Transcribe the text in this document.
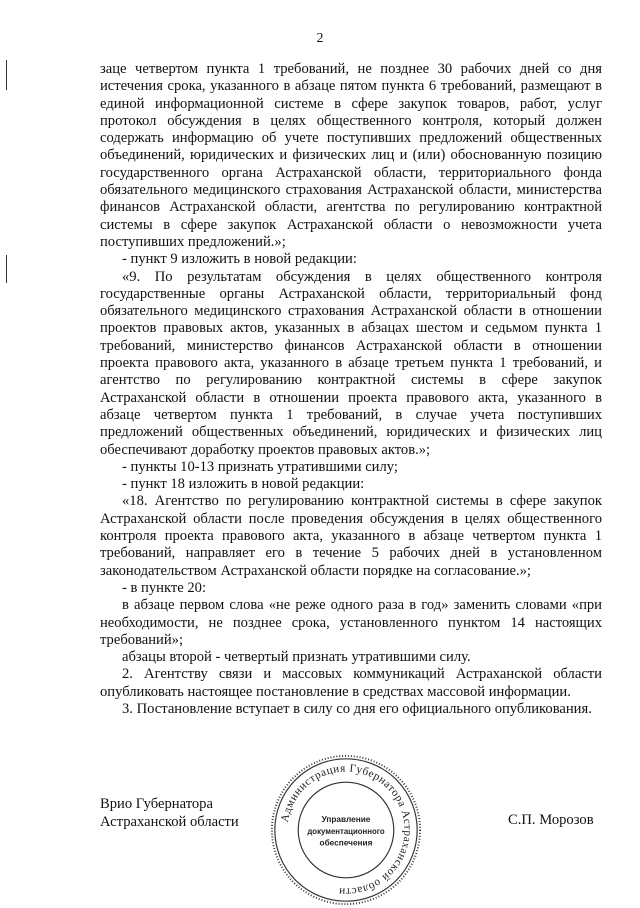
2

заце четвертом пункта 1 требований, не позднее 30 рабочих дней со дня истечения срока, указанного в абзаце пятом пункта 6 требований, размещают в единой информационной системе в сфере закупок товаров, работ, услуг протокол обсуждения в целях общественного контроля, который должен содержать информацию об учете поступивших предложений общественных объединений, юридических и физических лиц и (или) обоснованную позицию государственного органа Астраханской области, территориального фонда обязательного медицинского страхования Астраханской области, министерства финансов Астраханской области, агентства по регулированию контрактной системы в сфере закупок Астраханской области о невозможности учета поступивших предложений.»;

- пункт 9 изложить в новой редакции:

«9. По результатам обсуждения в целях общественного контроля государственные органы Астраханской области, территориальный фонд обязательного медицинского страхования Астраханской области в отношении проектов правовых актов, указанных в абзацах шестом и седьмом пункта 1 требований, министерство финансов Астраханской области в отношении проекта правового акта, указанного в абзаце третьем пункта 1 требований, и агентство по регулированию контрактной системы в сфере закупок Астраханской области в отношении проекта правового акта, указанного в абзаце четвертом пункта 1 требований, в случае учета поступивших предложений общественных объединений, юридических и физических лиц обеспечивают доработку проектов правовых актов.»;

- пункты 10-13 признать утратившими силу;

- пункт 18 изложить в новой редакции:

«18. Агентство по регулированию контрактной системы в сфере закупок Астраханской области после проведения обсуждения в целях общественного контроля проекта правового акта, указанного в абзаце четвертом пункта 1 требований, направляет его в течение 5 рабочих дней в установленном законодательством Астраханской области порядке на согласование.»;

- в пункте 20:

в абзаце первом слова «не реже одного раза в год» заменить словами «при необходимости, не позднее срока, установленного пунктом 14 настоящих требований»;

абзацы второй - четвертый признать утратившими силу.

2. Агентству связи и массовых коммуникаций Астраханской области опубликовать настоящее постановление в средствах массовой информации.

3. Постановление вступает в силу со дня его официального опубликования.

Врио Губернатора
Астраханской области	Администрация Губернатора Астраханской области
Управление
документационного
обеспечения
С.П. Морозов
